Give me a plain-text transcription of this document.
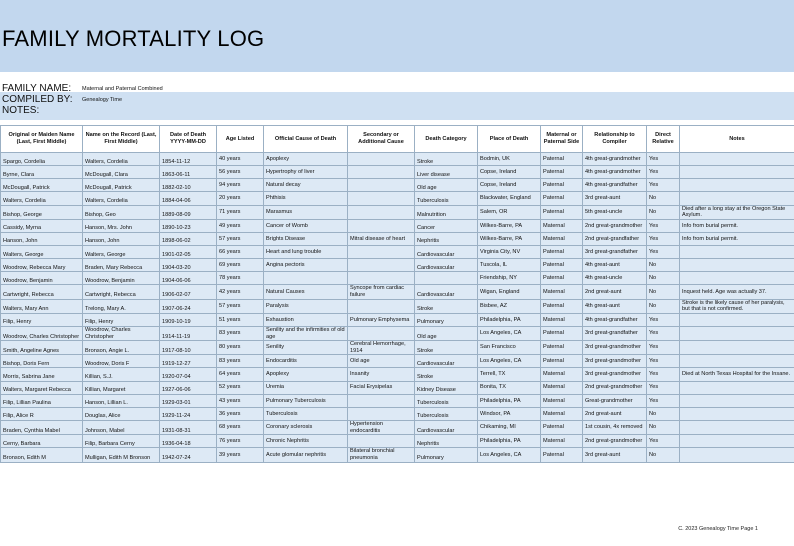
FAMILY MORTALITY LOG
FAMILY NAME: Maternal and Paternal Combined
COMPILED BY: Genealogy Time
NOTES:
Original or Maiden Name (Last, First Middle)	Name on the Record (Last, First Middle)	Date of Death YYYY-MM-DD	Age Listed	Official Cause of Death	Secondary or Additional Cause	Death Category	Place of Death	Maternal or Paternal Side	Relationship to Compiler	Direct Relative	Notes
Spargo, Cordelia	Walters, Cordelia	1854-11-12	40 years	Apoplexy		Stroke	Bodmin, UK	Paternal	4th great-grandmother	Yes	
Byrne, Clara	McDougall, Clara	1863-06-11	56 years	Hypertrophy of liver		Liver disease	Copse, Ireland	Paternal	4th great-grandmother	Yes	
McDougall, Patrick	McDougall, Patrick	1882-02-10	94 years	Natural decay		Old age	Copse, Ireland	Paternal	4th great-grandfather	Yes	
Walters, Cordelia	Walters, Cordelia	1884-04-06	20 years	Phthisis		Tuberculosis	Blackwater, England	Paternal	3rd great-aunt	No	
Bishop, George	Bishop, Geo	1889-08-09	71 years	Marasmus		Malnutrition	Salem, OR	Paternal	5th great-uncle	No	Died after a long stay at the Oregon State Asylum.
Cassidy, Myrna	Hanson, Mrs. John	1890-10-23	49 years	Cancer of Womb		Cancer	Wilkes-Barre, PA	Maternal	2nd great-grandmother	Yes	Info from burial permit.
Hanson, John	Hanson, John	1898-06-02	57 years	Brights Disease	Mitral disease of heart	Nephritis	Wilkes-Barre, PA	Maternal	2nd great-grandfather	Yes	Info from burial permit.
Walters, George	Walters, George	1901-02-05	66 years	Heart and lung trouble		Cardiovascular	Virginia City, NV	Paternal	3rd great-grandfather	Yes	
Woodrow, Rebecca Mary	Braden, Mary Rebecca	1904-03-20	69 years	Angina pectoris		Cardiovascular	Tuscola, IL	Paternal	4th great-aunt	No	
Woodrow, Benjamin	Woodrow, Benjamin	1904-06-06	78 years				Friendship, NY	Paternal	4th great-uncle	No	
Cartwright, Rebecca	Cartwright, Rebecca	1906-02-07	42 years	Natural Causes	Syncope from cardiac failure	Cardiovascular	Wigan, England	Maternal	2nd great-aunt	No	Inquest held. Age was actually 37.
Walters, Mary Ann	Trelong, Mary A.	1907-06-24	57 years	Paralysis		Stroke	Bisbee, AZ	Paternal	4th great-aunt	No	Stroke is the likely cause of her paralysis, but that is not confirmed.
Filip, Henry	Filip, Henry	1909-10-19	51 years	Exhaustion	Pulmonary Emphysema	Pulmonary	Philadelphia, PA	Maternal	4th great-grandfather	Yes	
Woodrow, Charles Christopher	Woodrow, Charles Christopher	1914-11-19	83 years	Senility and the infirmities of old age		Old age	Los Angeles, CA	Paternal	3rd great-grandfather	Yes	
Smith, Angeline Agnes	Bronson, Angie L.	1917-08-10	80 years	Senility	Cerebral Hemorrhage, 1914	Stroke	San Francisco	Paternal	3rd great-grandmother	Yes	
Bishop, Doris Fern	Woodrow, Doris F	1919-12-27	83 years	Endocarditis	Old age	Cardiovascular	Los Angeles, CA	Paternal	3rd great-grandmother	Yes	
Morris, Sabrina Jane	Killian, S.J.	1920-07-04	64 years	Apoplexy	Insanity	Stroke	Terrell, TX	Maternal	3rd great-grandmother	Yes	Died at North Texas Hospital for the Insane.
Walters, Margaret Rebecca	Killian, Margaret	1927-06-06	52 years	Uremia	Facial Erysipelas	Kidney Disease	Bonita, TX	Maternal	2nd great-grandmother	Yes	
Filip, Lillian Paulina	Hanson, Lillian L.	1929-03-01	43 years	Pulmonary Tuberculosis		Tuberculosis	Philadelphia, PA	Maternal	Great-grandmother	Yes	
Filip, Alice R	Douglas, Alice	1929-11-24	36 years	Tuberculosis		Tuberculosis	Windsor, PA	Maternal	2nd great-aunt	No	
Braden, Cynthia Mabel	Johnson, Mabel	1931-08-31	68 years	Coronary sclerosis	Hypertension endocarditis	Cardiovascular	Chikaming, MI	Paternal	1st cousin, 4x removed	No	
Cerny, Barbara	Filip, Barbara Cerny	1936-04-18	76 years	Chronic Nephritis		Nephritis	Philadelphia, PA	Maternal	2nd great-grandmother	Yes	
Bronson, Edith M	Mulligan, Edith M Bronson	1942-07-24	39 years	Acute glomular nephritis	Bilateral bronchial pneumonia	Pulmonary	Los Angeles, CA	Paternal	3rd great-aunt	No	
C. 2023 Genealogy Time Page 1
